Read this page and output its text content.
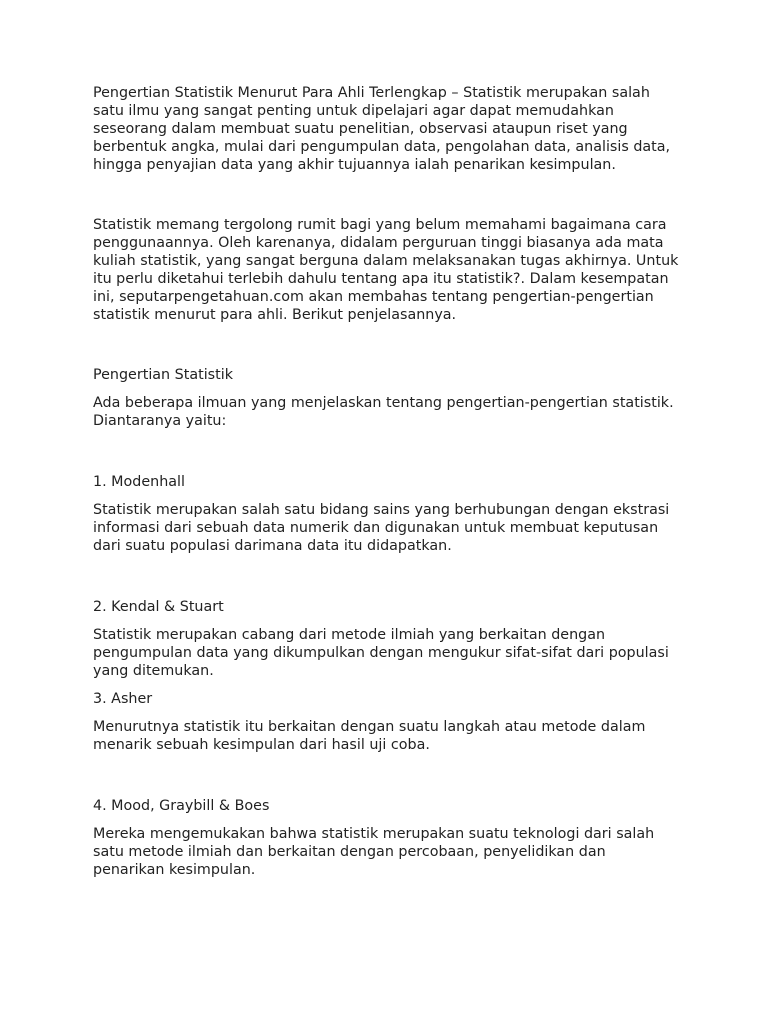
Pengertian Statistik Menurut Para Ahli Terlengkap – Statistik merupakan salah
satu ilmu yang sangat penting untuk dipelajari agar dapat memudahkan
seseorang dalam membuat suatu penelitian, observasi ataupun riset yang
berbentuk angka, mulai dari pengumpulan data, pengolahan data, analisis data,
hingga penyajian data yang akhir tujuannya ialah penarikan kesimpulan.

Statistik memang tergolong rumit bagi yang belum memahami bagaimana cara
penggunaannya. Oleh karenanya, didalam perguruan tinggi biasanya ada mata
kuliah statistik, yang sangat berguna dalam melaksanakan tugas akhirnya. Untuk
itu perlu diketahui terlebih dahulu tentang apa itu statistik?. Dalam kesempatan
ini, seputarpengetahuan.com akan membahas tentang pengertian-pengertian
statistik menurut para ahli. Berikut penjelasannya.

Pengertian Statistik

Ada beberapa ilmuan yang menjelaskan tentang pengertian-pengertian statistik.
Diantaranya yaitu:

1. Modenhall

Statistik merupakan salah satu bidang sains yang berhubungan dengan ekstrasi
informasi dari sebuah data numerik dan digunakan untuk membuat keputusan
dari suatu populasi darimana data itu didapatkan.

2. Kendal & Stuart

Statistik merupakan cabang dari metode ilmiah yang berkaitan dengan
pengumpulan data yang dikumpulkan dengan mengukur sifat-sifat dari populasi
yang ditemukan.

3. Asher

Menurutnya statistik itu berkaitan dengan suatu langkah atau metode dalam
menarik sebuah kesimpulan dari hasil uji coba.

4. Mood, Graybill & Boes

Mereka mengemukakan bahwa statistik merupakan suatu teknologi dari salah
satu metode ilmiah dan berkaitan dengan percobaan, penyelidikan dan
penarikan kesimpulan.
